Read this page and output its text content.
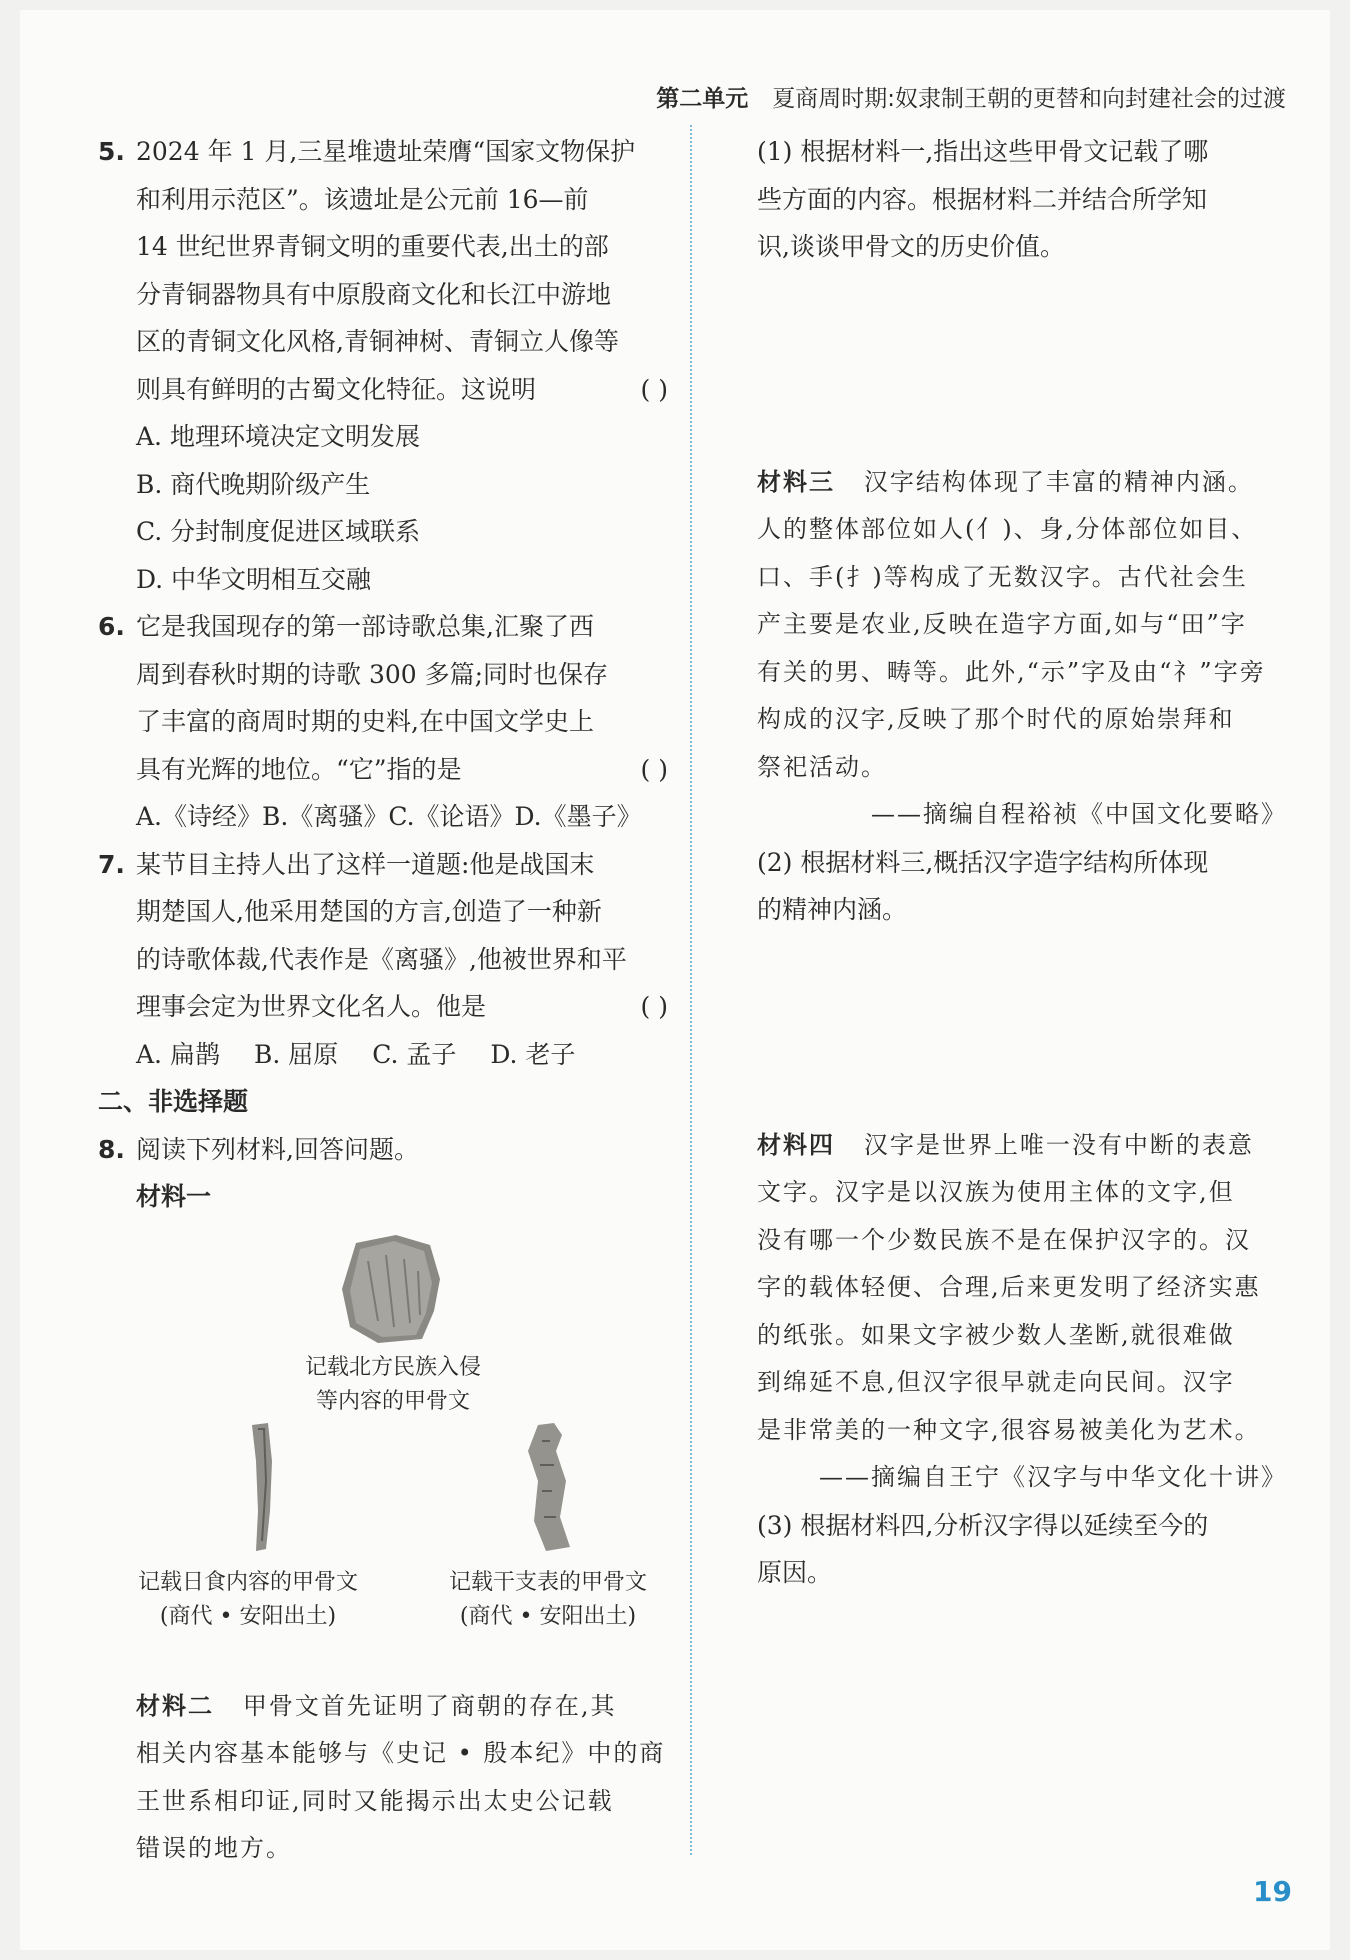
第二单元 夏商周时期:奴隶制王朝的更替和向封建社会的过渡
5. 2024 年 1 月,三星堆遗址荣膺“国家文物保护
和利用示范区”。该遗址是公元前 16—前
14 世纪世界青铜文明的重要代表,出土的部
分青铜器物具有中原殷商文化和长江中游地
区的青铜文化风格,青铜神树、青铜立人像等
则具有鲜明的古蜀文化特征。这说明	( )
A. 地理环境决定文明发展
B. 商代晚期阶级产生
C. 分封制度促进区域联系
D. 中华文明相互交融
6. 它是我国现存的第一部诗歌总集,汇聚了西
周到春秋时期的诗歌 300 多篇;同时也保存
了丰富的商周时期的史料,在中国文学史上
具有光辉的地位。“它”指的是	( )
A.《诗经》 B.《离骚》 C.《论语》 D.《墨子》
7. 某节目主持人出了这样一道题:他是战国末
期楚国人,他采用楚国的方言,创造了一种新
的诗歌体裁,代表作是《离骚》,他被世界和平
理事会定为世界文化名人。他是	( )
A. 扁鹊 B. 屈原 C. 孟子 D. 老子
二、非选择题
8. 阅读下列材料,回答问题。
材料一
记载北方民族入侵
等内容的甲骨文
记载日食内容的甲骨文
(商代 • 安阳出土)
记载干支表的甲骨文
(商代 • 安阳出土)
材料二 甲骨文首先证明了商朝的存在,其
相关内容基本能够与《史记 • 殷本纪》中的商
王世系相印证,同时又能揭示出太史公记载
错误的地方。
(1) 根据材料一,指出这些甲骨文记载了哪
些方面的内容。根据材料二并结合所学知
识,谈谈甲骨文的历史价值。
材料三 汉字结构体现了丰富的精神内涵。
人的整体部位如人(亻)、身,分体部位如目、
口、手(扌)等构成了无数汉字。古代社会生
产主要是农业,反映在造字方面,如与“田”字
有关的男、畴等。此外,“示”字及由“礻”字旁
构成的汉字,反映了那个时代的原始崇拜和
祭祀活动。
——摘编自程裕祯《中国文化要略》
(2) 根据材料三,概括汉字造字结构所体现
的精神内涵。
材料四 汉字是世界上唯一没有中断的表意
文字。汉字是以汉族为使用主体的文字,但
没有哪一个少数民族不是在保护汉字的。汉
字的载体轻便、合理,后来更发明了经济实惠
的纸张。如果文字被少数人垄断,就很难做
到绵延不息,但汉字很早就走向民间。汉字
是非常美的一种文字,很容易被美化为艺术。
——摘编自王宁《汉字与中华文化十讲》
(3) 根据材料四,分析汉字得以延续至今的
原因。
19
